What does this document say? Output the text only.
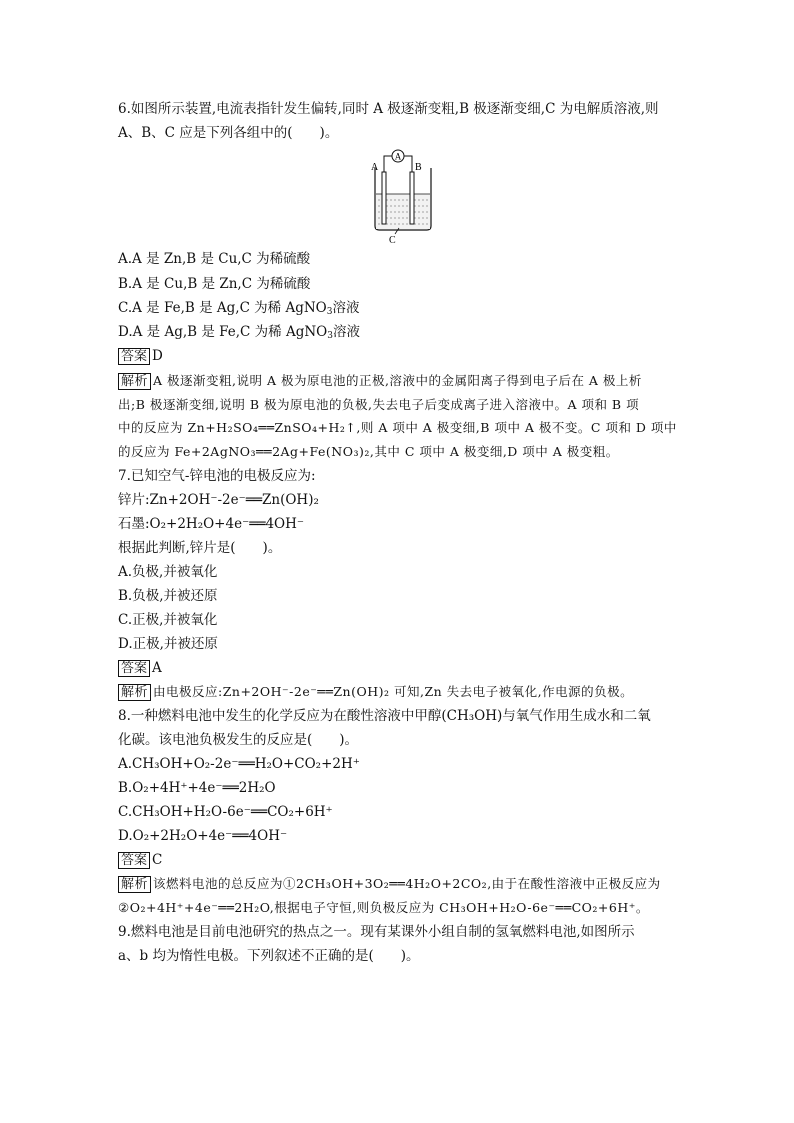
6.如图所示装置,电流表指针发生偏转,同时 A 极逐渐变粗,B 极逐渐变细,C 为电解质溶液,则
A、B、C 应是下列各组中的(　　)。
A
A	B
C
A.A 是 Zn,B 是 Cu,C 为稀硫酸
B.A 是 Cu,B 是 Zn,C 为稀硫酸
C.A 是 Fe,B 是 Ag,C 为稀 AgNO$_3$溶液
D.A 是 Ag,B 是 Fe,C 为稀 AgNO$_3$溶液
答案 D
解析 A 极逐渐变粗,说明 A 极为原电池的正极,溶液中的金属阳离子得到电子后在 A 极上析
出;B 极逐渐变细,说明 B 极为原电池的负极,失去电子后变成离子进入溶液中。A 项和 B 项
中的反应为 Zn+H₂SO₄══ZnSO₄+H₂↑,则 A 项中 A 极变细,B 项中 A 极不变。C 项和 D 项中
的反应为 Fe+2AgNO₃══2Ag+Fe(NO₃)₂,其中 C 项中 A 极变细,D 项中 A 极变粗。
7.已知空气-锌电池的电极反应为:
锌片:Zn+2OH⁻-2e⁻══Zn(OH)₂
石墨:O₂+2H₂O+4e⁻══4OH⁻
根据此判断,锌片是(　　)。
A.负极,并被氧化
B.负极,并被还原
C.正极,并被氧化
D.正极,并被还原
答案 A
解析 由电极反应:Zn+2OH⁻-2e⁻══Zn(OH)₂ 可知,Zn 失去电子被氧化,作电源的负极。
8.一种燃料电池中发生的化学反应为在酸性溶液中甲醇(CH₃OH)与氧气作用生成水和二氧
化碳。该电池负极发生的反应是(　　)。
A.CH₃OH+O₂-2e⁻══H₂O+CO₂+2H⁺
B.O₂+4H⁺+4e⁻══2H₂O
C.CH₃OH+H₂O-6e⁻══CO₂+6H⁺
D.O₂+2H₂O+4e⁻══4OH⁻
答案 C
解析 该燃料电池的总反应为①2CH₃OH+3O₂══4H₂O+2CO₂,由于在酸性溶液中正极反应为
②O₂+4H⁺+4e⁻══2H₂O,根据电子守恒,则负极反应为 CH₃OH+H₂O-6e⁻══CO₂+6H⁺。
9.燃料电池是目前电池研究的热点之一。现有某课外小组自制的氢氧燃料电池,如图所示
a、b 均为惰性电极。下列叙述不正确的是(　　)。
